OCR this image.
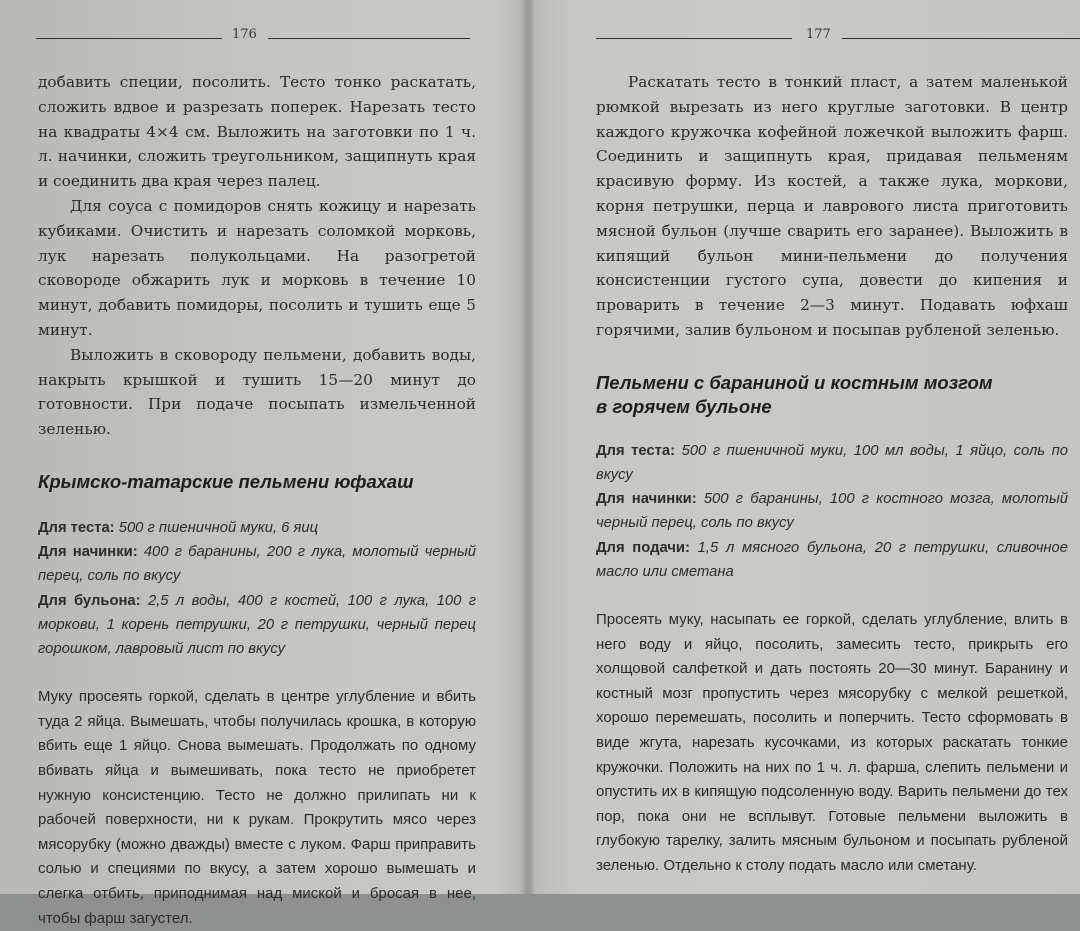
176

добавить специи, посолить. Тесто тонко раскатать, сложить вдвое и разрезать поперек. Нарезать тесто на квадраты 4×4 см. Выложить на заготовки по 1 ч. л. начинки, сложить треугольником, защипнуть края и соединить два края через палец.

Для соуса с помидоров снять кожицу и нарезать кубиками. Очистить и нарезать соломкой морковь, лук нарезать полукольцами. На разогретой сковороде обжарить лук и морковь в течение 10 минут, добавить помидоры, посолить и тушить еще 5 минут.

Выложить в сковороду пельмени, добавить воды, накрыть крышкой и тушить 15—20 минут до готовности. При подаче посыпать измельченной зеленью.

Крымско-татарские пельмени юфахаш

Для теста: 500 г пшеничной муки, 6 яиц

Для начинки: 400 г баранины, 200 г лука, молотый черный перец, соль по вкусу

Для бульона: 2,5 л воды, 400 г костей, 100 г лука, 100 г моркови, 1 корень петрушки, 20 г петрушки, черный перец горошком, лавровый лист по вкусу

Муку просеять горкой, сделать в центре углубление и вбить туда 2 яйца. Вымешать, чтобы получилась крошка, в которую вбить еще 1 яйцо. Снова вымешать. Продолжать по одному вбивать яйца и вымешивать, пока тесто не приобретет нужную консистенцию. Тесто не должно прилипать ни к рабочей поверхности, ни к рукам. Прокрутить мясо через мясорубку (можно дважды) вместе с луком. Фарш приправить солью и специями по вкусу, а затем хорошо вымешать и слегка отбить, приподнимая над миской и бросая в нее, чтобы фарш загустел.

177

Раскатать тесто в тонкий пласт, а затем маленькой рюмкой вырезать из него круглые заготовки. В центр каждого кружочка кофейной ложечкой выложить фарш. Соединить и защипнуть края, придавая пельменям красивую форму. Из костей, а также лука, моркови, корня петрушки, перца и лаврового листа приготовить мясной бульон (лучше сварить его заранее). Выложить в кипящий бульон мини-пельмени до получения консистенции густого супа, довести до кипения и проварить в течение 2—3 минут. Подавать юфхаш горячими, залив бульоном и посыпав рубленой зеленью.

Пельмени с бараниной и костным мозгом

в горячем бульоне

Для теста: 500 г пшеничной муки, 100 мл воды, 1 яйцо, соль по вкусу

Для начинки: 500 г баранины, 100 г костного мозга, молотый черный перец, соль по вкусу

Для подачи: 1,5 л мясного бульона, 20 г петрушки, сливочное масло или сметана

Просеять муку, насыпать ее горкой, сделать углубление, влить в него воду и яйцо, посолить, замесить тесто, прикрыть его холщовой салфеткой и дать постоять 20—30 минут. Баранину и костный мозг пропустить через мясорубку с мелкой решеткой, хорошо перемешать, посолить и поперчить. Тесто сформовать в виде жгута, нарезать кусочками, из которых раскатать тонкие кружочки. Положить на них по 1 ч. л. фарша, слепить пельмени и опустить их в кипящую подсоленную воду. Варить пельмени до тех пор, пока они не всплывут. Готовые пельмени выложить в глубокую тарелку, залить мясным бульоном и посыпать рубленой зеленью. Отдельно к столу подать масло или сметану.
